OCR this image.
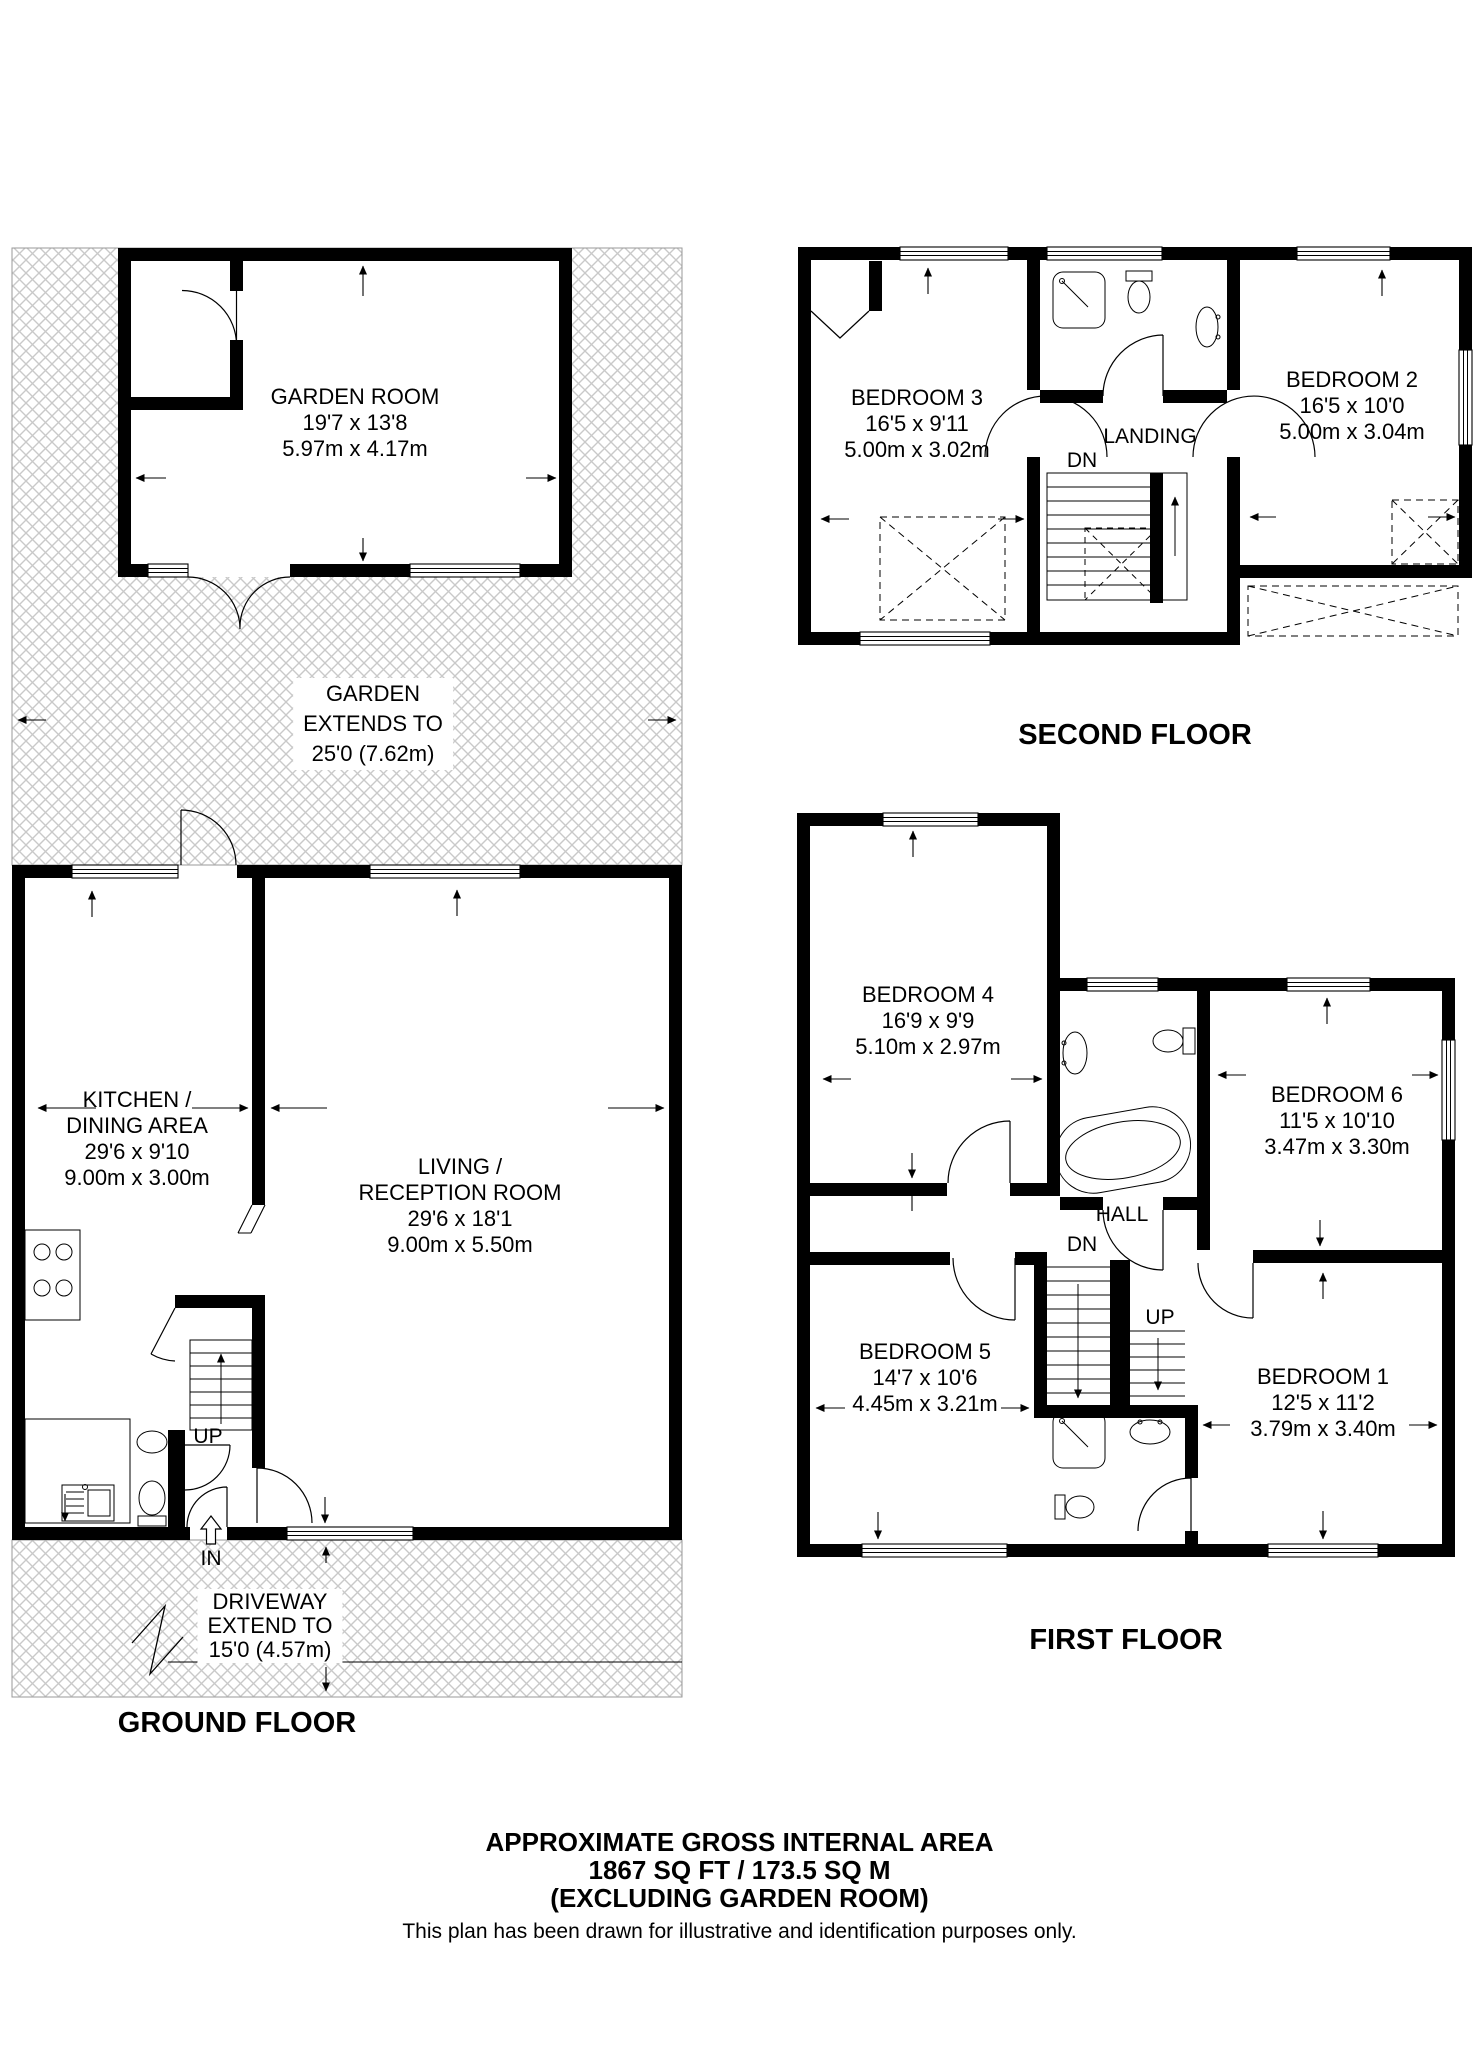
GARDEN ROOM
19'7 x 13'8
5.97m x 4.17m
GARDEN
EXTENDS TO
25'0 (7.62m)
KITCHEN /
DINING AREA
29'6 x 9'10
9.00m x 3.00m	LIVING /
RECEPTION ROOM
29'6 x 18'1
9.00m x 5.50m
DRIVEWAY
EXTEND TO
15'0 (4.57m)
UP
IN
GROUND FLOOR
BEDROOM 3
16'5 x 9'11
5.00m x 3.02m
BEDROOM 2
16'5 x 10'0
5.00m x 3.04m
LANDING
DN
SECOND FLOOR
BEDROOM 4
16'9 x 9'9
5.10m x 2.97m
BEDROOM 6
11'5 x 10'10
3.47m x 3.30m
BEDROOM 5
14'7 x 10'6
4.45m x 3.21m
BEDROOM 1
12'5 x 11'2
3.79m x 3.40m
HALL
DN
UP
FIRST FLOOR
APPROXIMATE GROSS INTERNAL AREA
1867 SQ FT / 173.5 SQ M
(EXCLUDING GARDEN ROOM)
This plan has been drawn for illustrative and identification purposes only.
